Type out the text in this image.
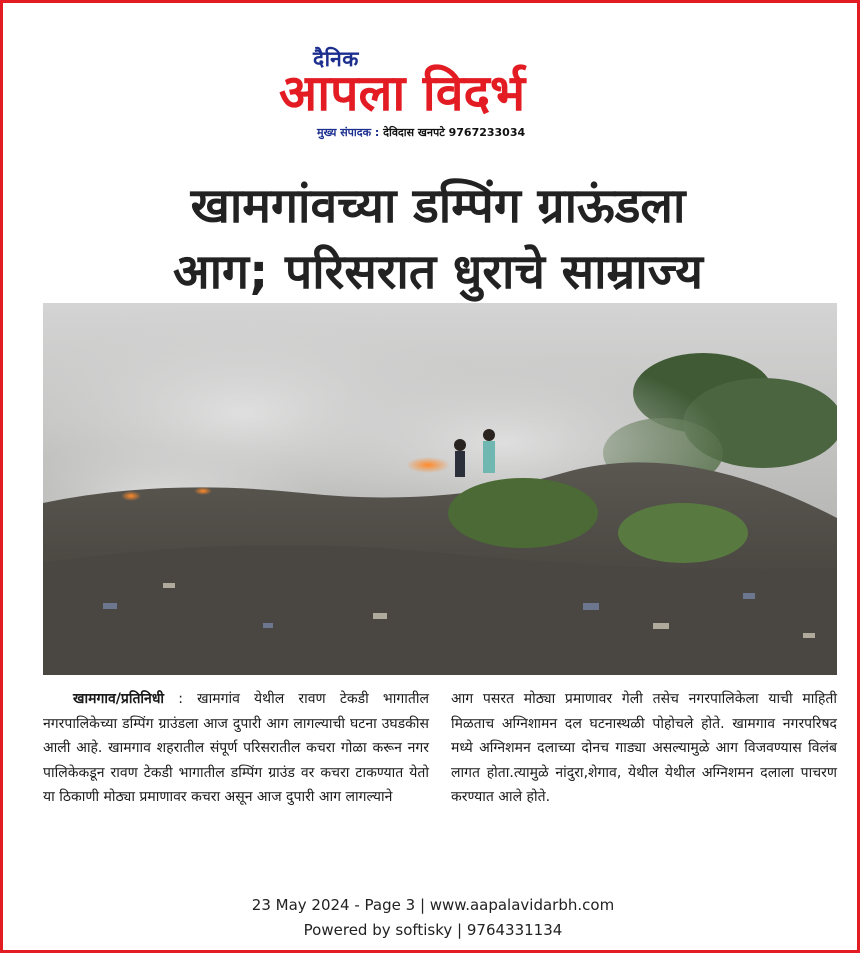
दैनिक
आपला विदर्भ
मुख्य संपादक : देविदास खनपटे 9767233034
खामगांवच्या डम्पिंग ग्राऊंडला
आग; परिसरात धुराचे साम्राज्य

खामगाव/प्रतिनिधी : खामगांव येथील रावण टेकडी भागातील नगरपालिकेच्या डम्पिंग ग्राउंडला आज दुपारी आग लागल्याची घटना उघडकीस आली आहे. खामगाव शहरातील संपूर्ण परिसरातील कचरा गोळा करून नगर पालिकेकडून रावण टेकडी भागातील डम्पिंग ग्राउंड वर कचरा टाकण्यात येतो या ठिकाणी मोठ्या प्रमाणावर कचरा असून आज दुपारी आग लागल्याने

आग पसरत मोठ्या प्रमाणावर गेली तसेच नगरपालिकेला याची माहिती मिळताच अग्निशामन दल घटनास्थळी पोहोचले होते. खामगाव नगरपरिषद मध्ये अग्निशमन दलाच्या दोनच गाड्या असल्यामुळे आग विजवण्यास विलंब लागत होता.त्यामुळे नांदुरा,शेगाव, येथील येथील अग्निशमन दलाला पाचरण करण्यात आले होते.

23 May 2024 - Page 3 | www.aapalavidarbh.com
Powered by softisky | 9764331134
